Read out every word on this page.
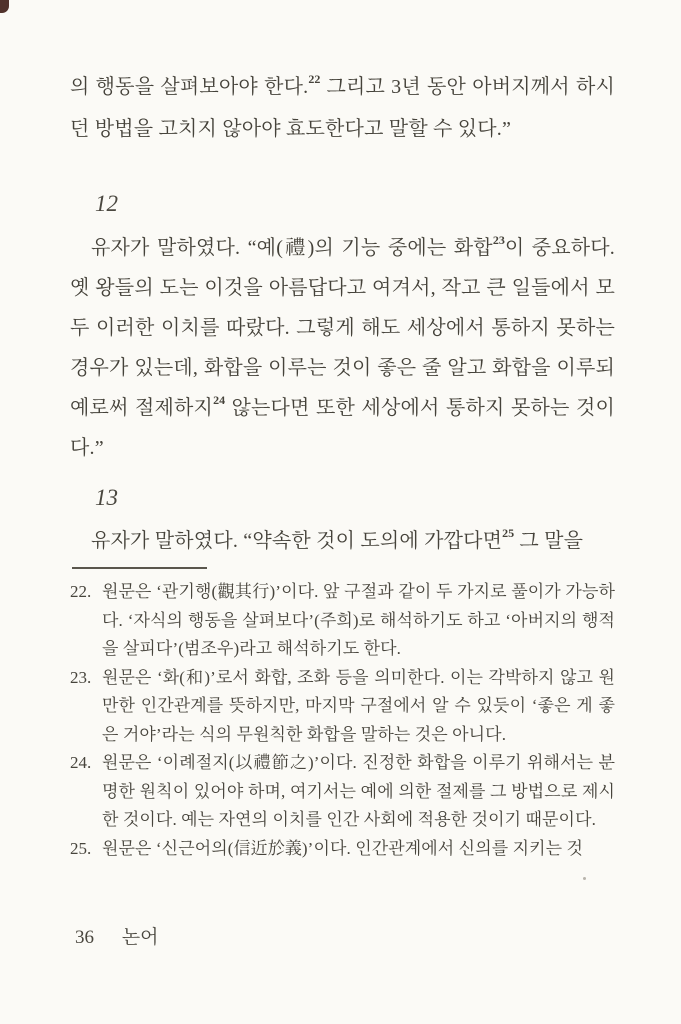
의 행동을 살펴보아야 한다.$^{22}$ 그리고 3년 동안 아버지께서 하시던 방법을 고치지 않아야 효도한다고 말할 수 있다.”

12

유자가 말하였다. “예(禮)의 기능 중에는 화합$^{23}$이 중요하다. 옛 왕들의 도는 이것을 아름답다고 여겨서, 작고 큰 일들에서 모두 이러한 이치를 따랐다. 그렇게 해도 세상에서 통하지 못하는 경우가 있는데, 화합을 이루는 것이 좋은 줄 알고 화합을 이루되 예로써 절제하지$^{24}$ 않는다면 또한 세상에서 통하지 못하는 것이다.”

13

유자가 말하였다. “약속한 것이 도의에 가깝다면$^{25}$ 그 말을

22. 원문은 ‘관기행(觀其行)’이다. 앞 구절과 같이 두 가지로 풀이가 가능하다. ‘자식의 행동을 살펴보다’(주희)로 해석하기도 하고 ‘아버지의 행적을 살피다’(범조우)라고 해석하기도 한다.
23. 원문은 ‘화(和)’로서 화합, 조화 등을 의미한다. 이는 각박하지 않고 원만한 인간관계를 뜻하지만, 마지막 구절에서 알 수 있듯이 ‘좋은 게 좋은 거야’라는 식의 무원칙한 화합을 말하는 것은 아니다.
24. 원문은 ‘이례절지(以禮節之)’이다. 진정한 화합을 이루기 위해서는 분명한 원칙이 있어야 하며, 여기서는 예에 의한 절제를 그 방법으로 제시한 것이다. 예는 자연의 이치를 인간 사회에 적용한 것이기 때문이다.
25. 원문은 ‘신근어의(信近於義)’이다. 인간관계에서 신의를 지키는 것
36 논어
